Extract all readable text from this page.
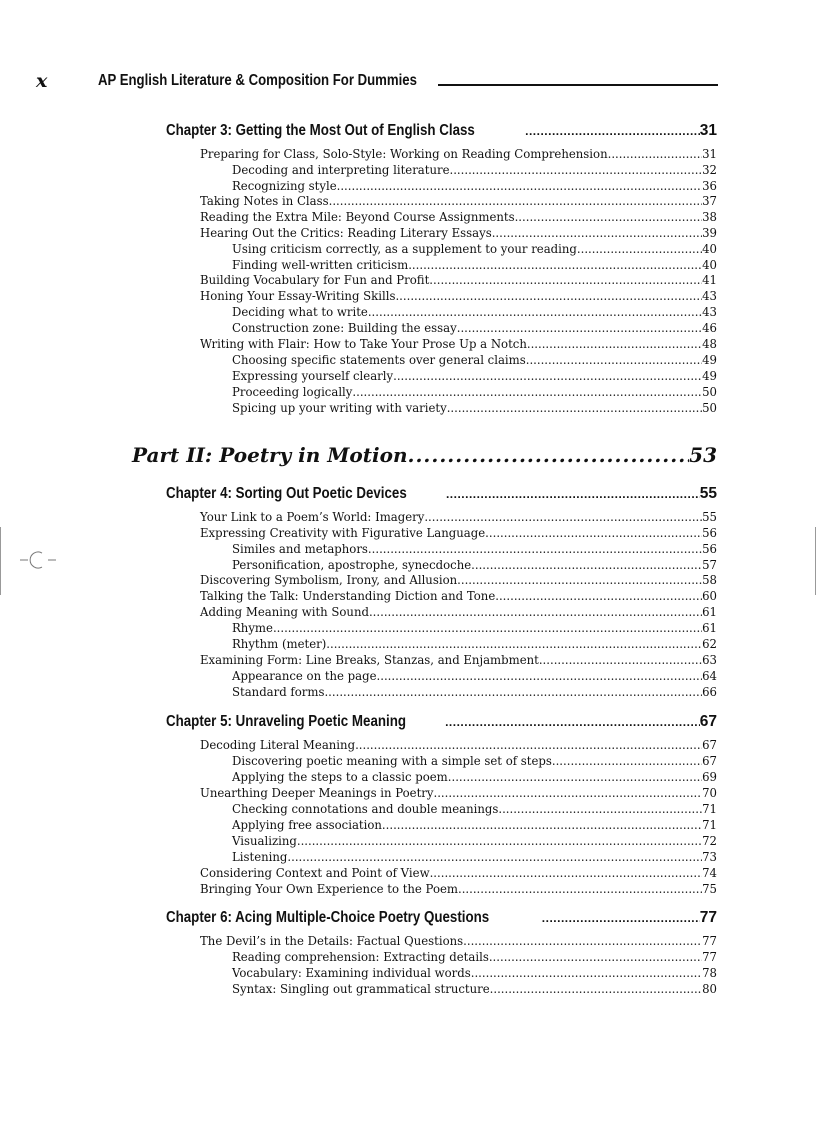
x	AP English Literature & Composition For Dummies
Chapter 3: Getting the Most Out of English Class .....	31
Preparing for Class, Solo-Style: Working on Reading Comprehension .....	31
Decoding and interpreting literature .....	32
Recognizing style .....	36
Taking Notes in Class .....	37
Reading the Extra Mile: Beyond Course Assignments .....	38
Hearing Out the Critics: Reading Literary Essays .....	39
Using criticism correctly, as a supplement to your reading .....	40
Finding well-written criticism .....	40
Building Vocabulary for Fun and Profit .....	41
Honing Your Essay-Writing Skills .....	43
Deciding what to write .....	43
Construction zone: Building the essay .....	46
Writing with Flair: How to Take Your Prose Up a Notch .....	48
Choosing specific statements over general claims .....	49
Expressing yourself clearly .....	49
Proceeding logically .....	50
Spicing up your writing with variety .....	50
Part II: Poetry in Motion .....	53
Chapter 4: Sorting Out Poetic Devices .....	55
Your Link to a Poem’s World: Imagery .....	55
Expressing Creativity with Figurative Language .....	56
Similes and metaphors .....	56
Personification, apostrophe, synecdoche .....	57
Discovering Symbolism, Irony, and Allusion .....	58
Talking the Talk: Understanding Diction and Tone .....	60
Adding Meaning with Sound .....	61
Rhyme .....	61
Rhythm (meter) .....	62
Examining Form: Line Breaks, Stanzas, and Enjambment .....	63
Appearance on the page .....	64
Standard forms .....	66
Chapter 5: Unraveling Poetic Meaning .....	67
Decoding Literal Meaning .....	67
Discovering poetic meaning with a simple set of steps .....	67
Applying the steps to a classic poem .....	69
Unearthing Deeper Meanings in Poetry .....	70
Checking connotations and double meanings .....	71
Applying free association .....	71
Visualizing .....	72
Listening .....	73
Considering Context and Point of View .....	74
Bringing Your Own Experience to the Poem .....	75
Chapter 6: Acing Multiple-Choice Poetry Questions .....	77
The Devil’s in the Details: Factual Questions .....	77
Reading comprehension: Extracting details .....	77
Vocabulary: Examining individual words .....	78
Syntax: Singling out grammatical structure .....	80
